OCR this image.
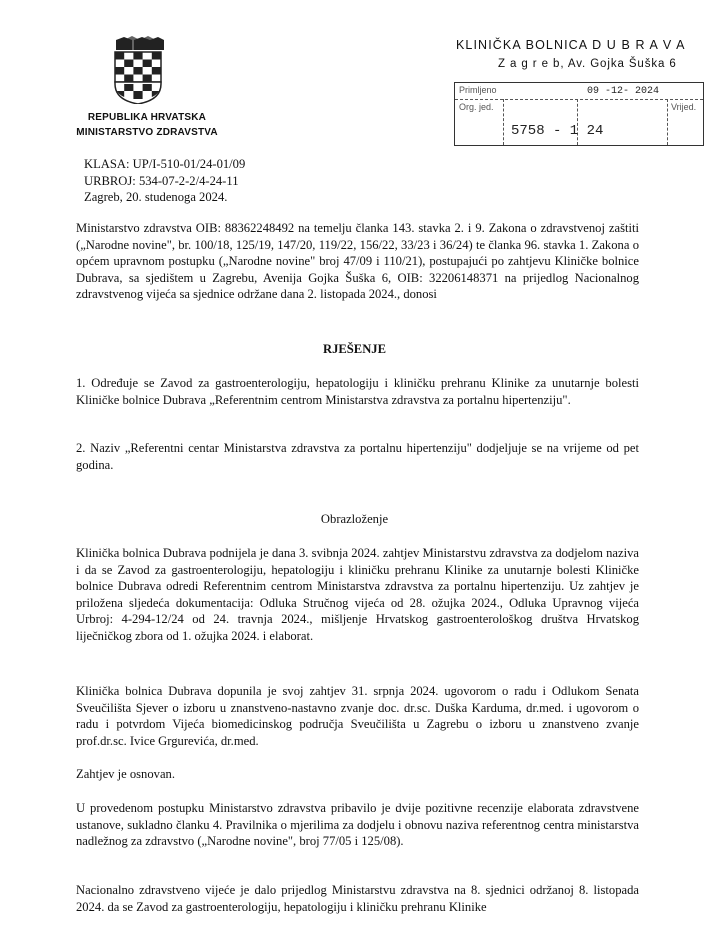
REPUBLIKA HRVATSKA
MINISTARSTVO ZDRAVSTVA
KLINIČKA BOLNICA D U B R A V A
Z a g r e b, Av. Gojka Šuška 6
Primljeno	09 -12- 2024
Org. jed.	Vrijed.
5758 - 1 24
KLASA: UP/I-510-01/24-01/09
URBROJ: 534-07-2-2/4-24-11
Zagreb, 20. studenoga 2024.
Ministarstvo zdravstva OIB: 88362248492 na temelju članka 143. stavka 2. i 9. Zakona o zdravstvenoj zaštiti („Narodne novine", br. 100/18, 125/19, 147/20, 119/22, 156/22, 33/23 i 36/24) te članka 96. stavka 1. Zakona o općem upravnom postupku („Narodne novine" broj 47/09 i 110/21), postupajući po zahtjevu Kliničke bolnice Dubrava, sa sjedištem u Zagrebu, Avenija Gojka Šuška 6, OIB: 32206148371 na prijedlog Nacionalnog zdravstvenog vijeća sa sjednice održane dana 2. listopada 2024., donosi
RJEŠENJE
1. Određuje se Zavod za gastroenterologiju, hepatologiju i kliničku prehranu Klinike za unutarnje bolesti Kliničke bolnice Dubrava „Referentnim centrom Ministarstva zdravstva za portalnu hipertenziju".
2. Naziv „Referentni centar Ministarstva zdravstva za portalnu hipertenziju" dodjeljuje se na vrijeme od pet godina.
Obrazloženje
Klinička bolnica Dubrava podnijela je dana 3. svibnja 2024. zahtjev Ministarstvu zdravstva za dodjelom naziva i da se Zavod za gastroenterologiju, hepatologiju i kliničku prehranu Klinike za unutarnje bolesti Kliničke bolnice Dubrava odredi Referentnim centrom Ministarstva zdravstva za portalnu hipertenziju. Uz zahtjev je priložena sljedeća dokumentacija: Odluka Stručnog vijeća od 28. ožujka 2024., Odluka Upravnog vijeća Urbroj: 4-294-12/24 od 24. travnja 2024., mišljenje Hrvatskog gastroenterološkog društva Hrvatskog liječničkog zbora od 1. ožujka 2024. i elaborat.
Klinička bolnica Dubrava dopunila je svoj zahtjev 31. srpnja 2024. ugovorom o radu i Odlukom Senata Sveučilišta Sjever o izboru u znanstveno-nastavno zvanje doc. dr.sc. Duška Karduma, dr.med. i ugovorom o radu i potvrdom Vijeća biomedicinskog područja Sveučilišta u Zagrebu o izboru u znanstveno zvanje prof.dr.sc. Ivice Grgurevića, dr.med.
Zahtjev je osnovan.
U provedenom postupku Ministarstvo zdravstva pribavilo je dvije pozitivne recenzije elaborata zdravstvene ustanove, sukladno članku 4. Pravilnika o mjerilima za dodjelu i obnovu naziva referentnog centra ministarstva nadležnog za zdravstvo („Narodne novine", broj 77/05 i 125/08).
Nacionalno zdravstveno vijeće je dalo prijedlog Ministarstvu zdravstva na 8. sjednici održanoj 8. listopada 2024. da se Zavod za gastroenterologiju, hepatologiju i kliničku prehranu Klinike
